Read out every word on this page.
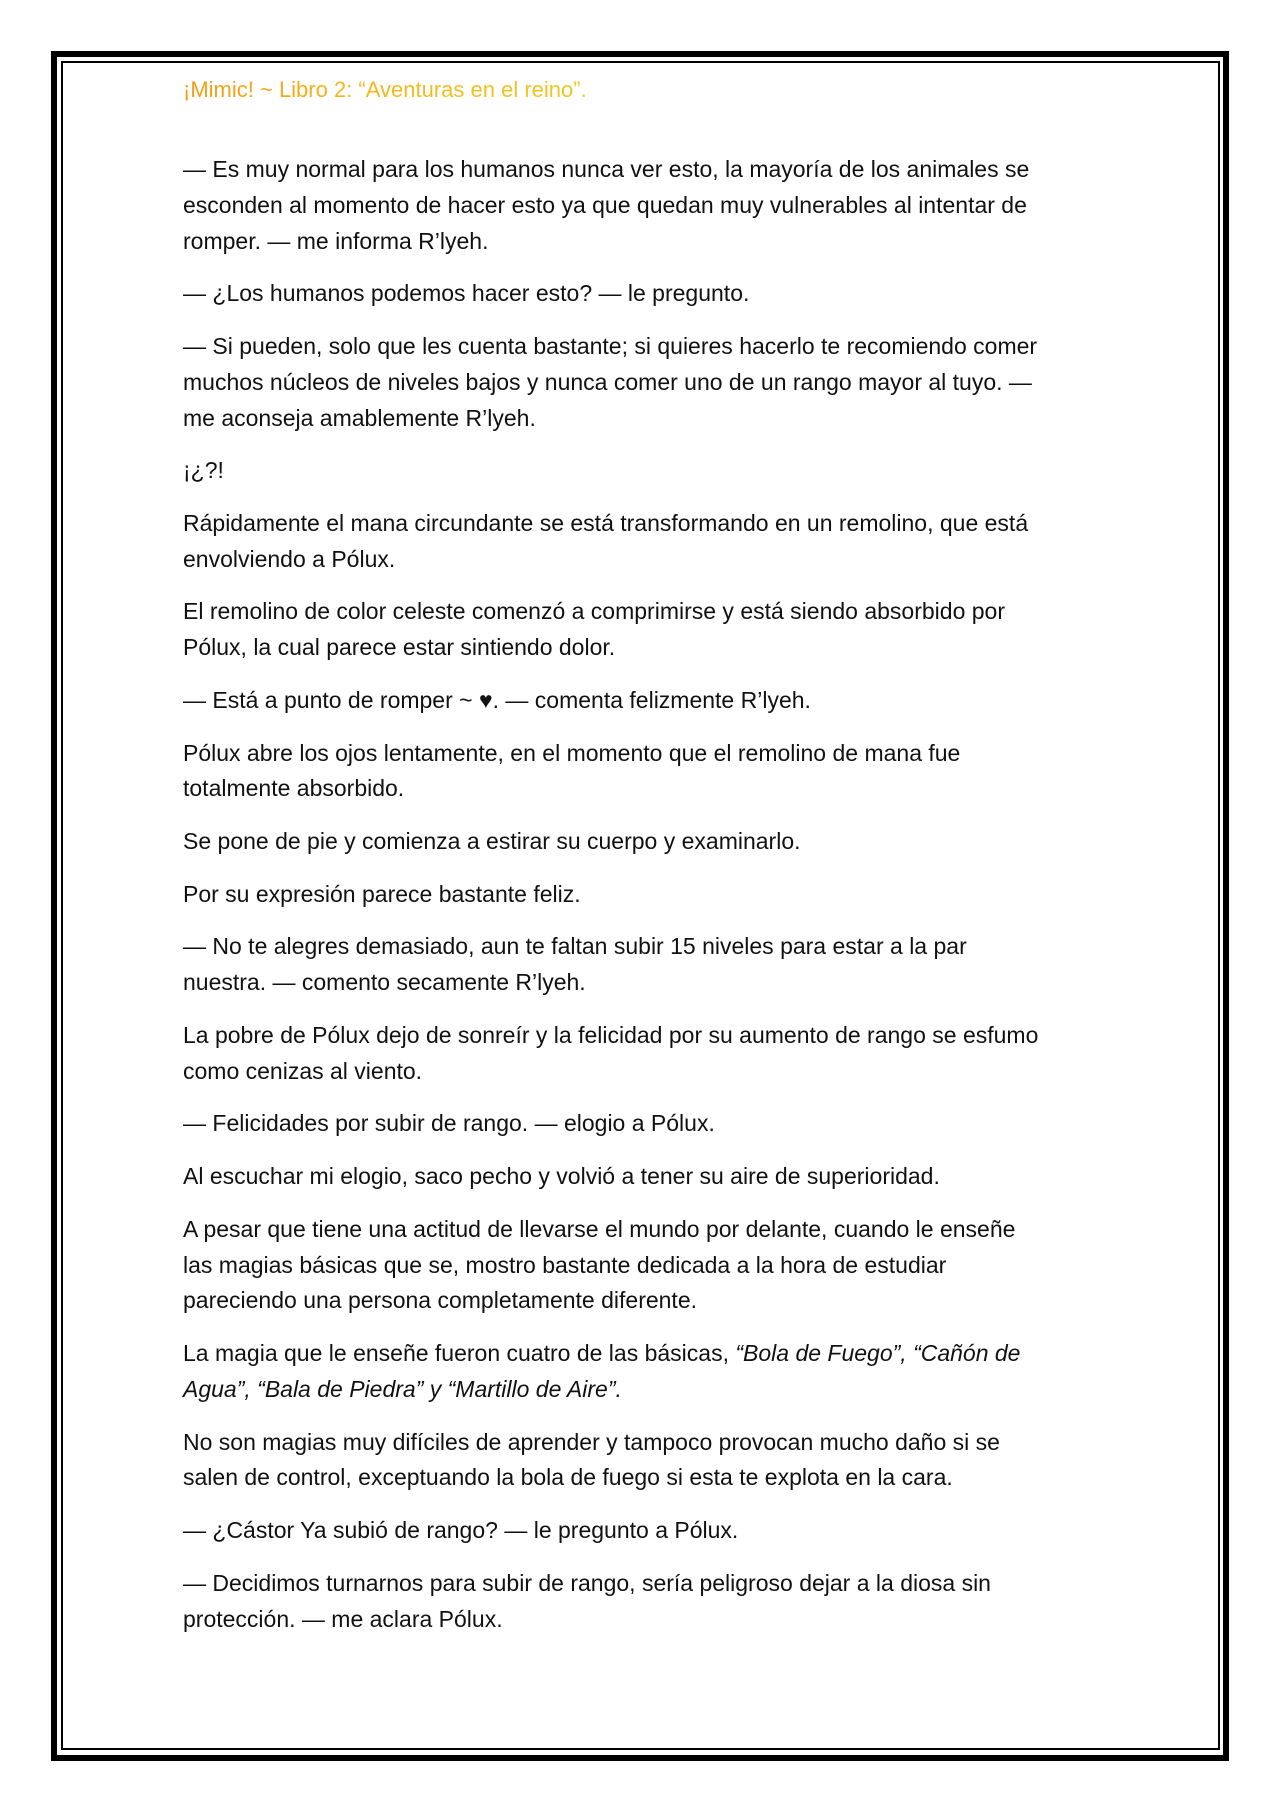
¡Mimic! ~ Libro 2: “Aventuras en el reino”.
— Es muy normal para los humanos nunca ver esto, la mayoría de los animales se
esconden al momento de hacer esto ya que quedan muy vulnerables al intentar de
romper. — me informa R’lyeh.
— ¿Los humanos podemos hacer esto? — le pregunto.
— Si pueden, solo que les cuenta bastante; si quieres hacerlo te recomiendo comer
muchos núcleos de niveles bajos y nunca comer uno de un rango mayor al tuyo. —
me aconseja amablemente R’lyeh.
¡¿?!
Rápidamente el mana circundante se está transformando en un remolino, que está
envolviendo a Pólux.
El remolino de color celeste comenzó a comprimirse y está siendo absorbido por
Pólux, la cual parece estar sintiendo dolor.
— Está a punto de romper ~ ♥. — comenta felizmente R’lyeh.
Pólux abre los ojos lentamente, en el momento que el remolino de mana fue
totalmente absorbido.
Se pone de pie y comienza a estirar su cuerpo y examinarlo.
Por su expresión parece bastante feliz.
— No te alegres demasiado, aun te faltan subir 15 niveles para estar a la par
nuestra. — comento secamente R’lyeh.
La pobre de Pólux dejo de sonreír y la felicidad por su aumento de rango se esfumo
como cenizas al viento.
— Felicidades por subir de rango. — elogio a Pólux.
Al escuchar mi elogio, saco pecho y volvió a tener su aire de superioridad.
A pesar que tiene una actitud de llevarse el mundo por delante, cuando le enseñe
las magias básicas que se, mostro bastante dedicada a la hora de estudiar
pareciendo una persona completamente diferente.
La magia que le enseñe fueron cuatro de las básicas, “Bola de Fuego”, “Cañón de
Agua”, “Bala de Piedra” y “Martillo de Aire”.
No son magias muy difíciles de aprender y tampoco provocan mucho daño si se
salen de control, exceptuando la bola de fuego si esta te explota en la cara.
— ¿Cástor Ya subió de rango? — le pregunto a Pólux.
— Decidimos turnarnos para subir de rango, sería peligroso dejar a la diosa sin
protección. — me aclara Pólux.
